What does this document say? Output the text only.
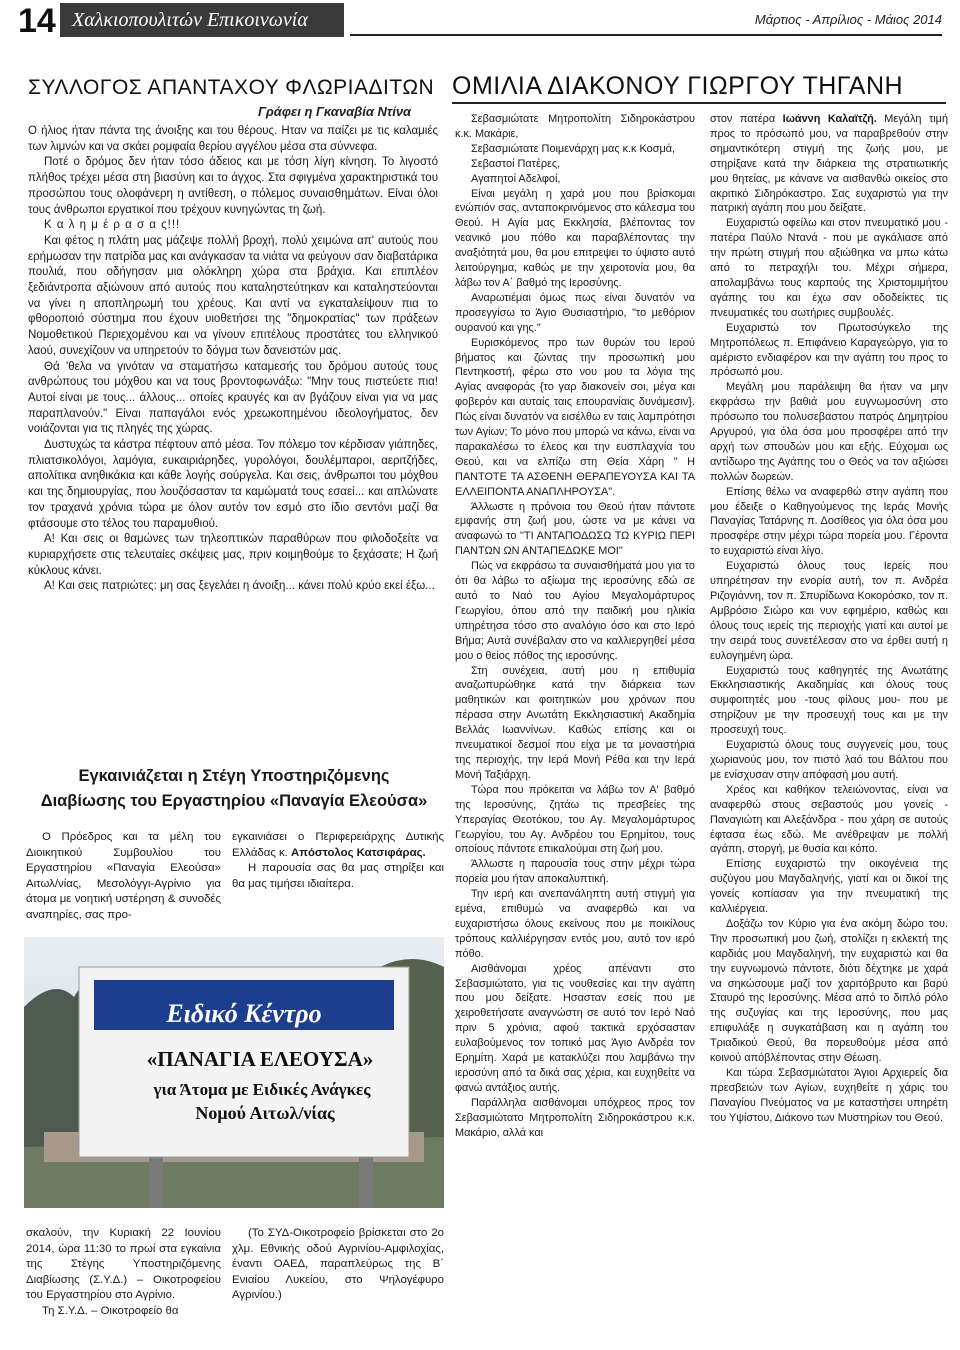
14 Χαλκιοπουλιτών Επικοινωνία	Μάρτιος - Απρίλιος - Μάιος 2014
ΣΥΛΛΟΓΟΣ ΑΠΑΝΤΑΧΟΥ ΦΛΩΡΙΑΔΙΤΩΝ
Γράφει η Γκαναβία Ντίνα

Ο ήλιος ήταν πάντα της άνοιξης και του θέρους. Ηταν να παίζει με τις καλαμιές των λιμνών και να σκάει ρομφαία θερίου αγγέλου μέσα στα σύννεφα.

Ποτέ ο δρόμος δεν ήταν τόσο άδειος και με τόση λίγη κίνηση. Το λιγοστό πλήθος τρέχει μέσα στη βιασύνη και το άγχος. Στα σφιγμένα χαρακτηριστικά του προσώπου τους ολοφάνερη η αντίθεση, ο πόλεμος συναισθημάτων. Είναι όλοι τους άνθρωποι εργατικοί που τρέχουν κυνηγώντας τη ζωή.

Κ α λ η μ έ ρ α σ α ς!!!

Και φέτος η πλάτη μας μάζεψε πολλή βροχή, πολύ χειμώνα απ' αυτούς που ερήμωσαν την πατρίδα μας και ανάγκασαν τα νιάτα να φεύγουν σαν διαβατάρικα πουλιά, που οδήγησαν μια ολόκληρη χώρα στα βράχια. Και επιπλέον ξεδιάντροπα αξιώνουν από αυτούς που καταληστεύτηκαν και καταληστεύονται να γίνει η αποπληρωμή του χρέους. Και αντί να εγκαταλείψουν πια το φθοροποιό σύστημα που έχουν υιοθετήσει της "δημοκρατίας" των πράξεων Νομοθετικού Περιεχομένου και να γίνουν επιτέλους προστάτες του ελληνικού λαού, συνεχίζουν να υπηρετούν το δόγμα των δανειστών μας.

Θά 'θελα να γινόταν να σταματήσω καταμεσής του δρόμου αυτούς τους ανθρώπους του μόχθου και να τους βροντοφωνάξω: "Μην τους πιστεύετε πια! Αυτοί είναι με τους... άλλους... οποίες κραυγές και αν βγάζουν είναι για να μας παραπλανούν." Είναι παπαγάλοι ενός χρεωκοπημένου ιδεολογήματος, δεν νοιάζονται για τις πληγές της χώρας.

Δυστυχώς τα κάστρα πέφτουν από μέσα. Τον πόλεμο τον κέρδισαν γιάπηδες, πλιατσικολόγοι, λαμόγια, ευκαιριάρηδες, γυρολόγοι, δουλέμπαροι, αεριτζήδες, απολίτικα ανηθικάκια και κάθε λογής σούργελα. Και σεις, άνθρωποι του μόχθου και της δημιουργίας, που λουζόσασταν τα καμώματά τους εσαεί... και απλώνατε τον τραχανά χρόνια τώρα με όλον αυτόν τον εσμό στο ίδιο σεντόνι μαζί θα φτάσουμε στο τέλος του παραμυθιού.

Α! Και σεις οι θαμώνες των τηλεοπτικών παραθύρων που φιλοδοξείτε να κυριαρχήσετε στις τελευταίες σκέψεις μας, πριν κοιμηθούμε το ξεχάσατε; Η ζωή κύκλους κάνει.

Α! Και σεις πατριώτες: μη σας ξεγελάει η άνοιξη... κάνει πολύ κρύο εκεί έξω...

Εγκαινιάζεται η Στέγη Υποστηριζόμενης
Διαβίωσης του Εργαστηρίου «Παναγία Ελεούσα»

Ο Πρόεδρος και τα μέλη του Διοικητικού Συμβουλίου του Εργαστηρίου «Παναγία Ελεούσα» Αιτωλ/νίας, Μεσολόγγι-Αγρίνιο για άτομα με νοητική υστέρηση & συνοδές αναπηρίες, σας προ-

εγκαινιάσει ο Περιφερειάρχης Δυτικής Ελλάδας κ. Απόστολος Κατσιφάρας.

Η παρουσία σας θα μας στηρίξει και θα μας τιμήσει ιδιαίτερα.

Ειδικό Κέντρο
«ΠΑΝΑΓΙΑ ΕΛΕΟΥΣΑ»
για Άτομα με Ειδικές Ανάγκες
Νομού Αιτωλ/νίας

σκαλούν, την Κυριακή 22 Ιουνίου 2014, ώρα 11:30 το πρωί στα εγκαίνια της Στέγης Υποστηριζόμενης Διαβίωσης (Σ.Υ.Δ.) – Οικοτροφείου του Εργαστηρίου στο Αγρίνιο.

Τη Σ.Υ.Δ. – Οικοτροφείο θα

(Το ΣΥΔ-Οικοτροφείο βρίσκεται στο 2ο χλμ. Εθνικής οδού Αγρινίου-Αμφιλοχίας, έναντι ΟΑΕΔ, παραπλεύρως της Β΄ Ενιαίου Λυκείου, στο Ψηλογέφυρο Αγρινίου.)

ΟΜΙΛΙΑ ΔΙΑΚΟΝΟΥ ΓΙΩΡΓΟΥ ΤΗΓΑΝΗ

Σεβασμιώτατε Μητροπολίτη Σιδηροκάστρου κ.κ. Μακάριε,

Σεβασμιώτατε Ποιμενάρχη μας κ.κ Κοσμά,

Σεβαστοί Πατέρες,

Αγαπητοί Αδελφοί,

Είναι μεγάλη η χαρά μου που βρίσκομαι ενώπιόν σας, ανταποκρινόμενος στο κάλεσμα του Θεού. Η Αγία μας Εκκλησία, βλέποντας τον νεανικό μου πόθο και παραβλέποντας την αναξιότητά μου, θα μου επιτρεψει το ύψιστο αυτό λειτούργημα, καθώς με την χειροτονία μου, θα λάβω τον Α΄ βαθμό της Ιεροσύνης.

Αναρωτιέμαι όμως πως είναι δυνατόν να προσεγγίσω το Άγιο Θυσιαστήριο, "το μεθόριον ουρανού και γης."

Ευρισκόμενος προ των θυρών του Ιερού βήματος και ζώντας την προσωπική μου Πεντηκοστή, φέρω στο νου μου τα λόγια της Αγίας αναφοράς {το γαρ διακονείν σοι, μέγα και φοβερόν και αυταίς ταις επουρανίαις δυνάμεσιν}. Πώς είναι δυνατόν να εισέλθω εν ταις λαμπρότησι των Αγίων; Το μόνο που μπορώ να κάνω, είναι να παρακαλέσω το έλεος και την ευσπλαχνία του Θεού, και να ελπίζω στη Θεία Χάρη " Η ΠΑΝΤΟΤΕ ΤΑ ΑΣΘΕΝΗ ΘΕΡΑΠΕΥΟΥΣΑ ΚΑΙ ΤΑ ΕΛΛΕΙΠΟΝΤΑ ΑΝΑΠΛΗΡΟΥΣΑ".

Άλλωστε η πρόνοια του Θεού ήταν πάντοτε εμφανής στη ζωή μου, ώστε να με κάνει να αναφωνώ το "ΤΙ ΑΝΤΑΠΟΔΩΣΩ ΤΩ ΚΥΡΙΩ ΠΕΡΙ ΠΑΝΤΩΝ ΩΝ ΑΝΤΑΠΕΔΩΚΕ ΜΟΙ"

Πώς να εκφράσω τα συναισθήματά μου για το ότι θα λάβω το αξίωμα της ιεροσύνης εδώ σε αυτό το Ναό του Αγίου Μεγαλομάρτυρος Γεωργίου, όπου από την παιδική μου ηλικία υπηρέτησα τόσο στο αναλόγιο όσο και στο Ιερό Βήμα; Αυτά συνέβαλαν στο να καλλιεργηθεί μέσα μου ο θείος πόθος της ιεροσύνης.

Στη συνέχεια, αυτή μου η επιθυμία αναζωπυρώθηκε κατά την διάρκεια των μαθητικών και φοιτητικών μου χρόνων που πέρασα στην Ανωτάτη Εκκλησιαστική Ακαδημία Βελλάς Ιωαννίνων. Καθώς επίσης και οι πνευματικοί δεσμοί που είχα με τα μοναστήρια της περιοχής, την Ιερά Μονή Ρέθα και την Ιερά Μονή Ταξιάρχη.

Τώρα που πρόκειται να λάβω τον Α' βαθμό της Ιεροσύνης, ζητάω τις πρεσβείες της Υπεραγίας Θεοτόκου, του Αγ. Μεγαλομάρτυρος Γεωργίου, του Αγ. Ανδρέου του Ερημίτου, τους οποίους πάντοτε επικαλούμαι στη ζωή μου.

Άλλωστε η παρουσία τους στην μέχρι τώρα πορεία μου ήταν αποκαλυπτική.

Την ιερή και ανεπανάληπτη αυτή στιγμή για εμένα, επιθυμώ να αναφερθώ και να ευχαριστήσω όλους εκείνους που με ποικίλους τρόπους καλλιέργησαν εντός μου, αυτό τον ιερό πόθο.

Αισθάνομαι χρέος απέναντι στο Σεβασμιώτατο, για τις νουθεσίες και την αγάπη που μου δείξατε. Ησασταν εσείς που με χειροθετήσατε αναγνώστη σε αυτό τον Ιερό Ναό πριν 5 χρόνια, αφού τακτικά ερχόσασταν ευλαβούμενος τον τοπικό μας Άγιο Ανδρέα τον Ερημίτη. Χαρά με κατακλύζει που λαμβάνω την ιεροσύνη από τα δικά σας χέρια, και ευχηθείτε να φανώ αντάξιος αυτής.

Παράλληλα αισθάνομαι υπόχρεος προς τον Σεβασμιώτατο Μητροπολίτη Σιδηροκάστρου κ.κ. Μακάριο, αλλά και

στον πατέρα Ιωάννη Καλαϊτζή. Μεγάλη τιμή προς το πρόσωπό μου, να παραβρεθούν στην σημαντικότερη στιγμή της ζωής μου, με στηρίξανε κατά την διάρκεια της στρατιωτικής μου θητείας, με κάνανε να αισθανθώ οικείος στο ακριτικό Σιδηρόκαστρο. Σας ευχαριστώ για την πατρική αγάπη που μου δείξατε.

Ευχαριστώ οφείλω και στον πνευματικό μου - πατέρα Παύλο Ντανά - που με αγκάλιασε από την πρώτη στιγμή που αξιώθηκα να μπω κάτω από το πετραχήλι του. Μέχρι σήμερα, απολαμβάνω τους καρπούς της Χριστομιμήτου αγάπης του και έχω σαν οδοδείκτες τις πνευματικές του σωτήριες συμβουλές.

Ευχαριστώ τον Πρωτοσύγκελο της Μητροπόλεως π. Επιφάνειο Καραγεώργο, για το αμέριστο ενδιαφέρον και την αγάπη του προς το πρόσωπό μου.

Μεγάλη μου παράλειψη θα ήταν να μην εκφράσω την βαθιά μου ευγνωμοσύνη στο πρόσωπο του πολυσεβαστου πατρός Δημητρίου Αργυρού, για όλα όσα μου προσφέρει από την αρχή των σπουδών μου και εξής. Εύχομαι ως αντίδωρο της Αγάπης του ο Θεός να τον αξιώσει πολλών δωρεών.

Επίσης θέλω να αναφερθώ στην αγάπη που μου έδειξε ο Καθηγούμενος της Ιεράς Μονής Παναγίας Τατάρνης π. Δοσίθεος για όλα όσα μου προσφέρε στην μέχρι τώρα πορεία μου. Γέροντα το ευχαριστώ είναι λίγο.

Ευχαριστώ όλους τους Ιερείς που υπηρέτησαν την ενορία αυτή, τον π. Ανδρέα Ριζογιάννη, τον π. Σπυρίδωνα Κοκορόσκο, τον π. Αμβρόσιο Σιώρο και νυν εφημέριο, καθώς και όλους τους ιερείς της περιοχής γιατί και αυτοί με την σειρά τους συνετέλεσαν στο να έρθει αυτή η ευλογημένη ώρα.

Ευχαριστώ τους καθηγητές της Ανωτάτης Εκκλησιαστικής Ακαδημίας και όλους τους συμφοιτητές μου -τους φίλους μου- που με στηρίζουν με την προσευχή τους και με την προσευχή τους.

Ευχαριστώ όλους τους συγγενείς μου, τους χωριανούς μου, τον πιστό λαό του Βάλτου που με ενίσχυσαν στην απόφασή μου αυτή.

Χρέος και καθήκον τελειώνοντας, είναι να αναφερθώ στους σεβαστούς μου γονείς - Παναγιώτη και Αλεξάνδρα - που χάρη σε αυτούς έφτασα έως εδώ. Με ανέθρεψαν με πολλή αγάπη, στοργή, με θυσία και κόπο.

Επίσης ευχαριστώ την οικογένεια της συζύγου μου Μαγδαληνής, γιατί και οι δικοί της γονείς κοπίασαν για την πνευματική της καλλιέργεια.

Δοξάζω τον Κύριο για ένα ακόμη δώρο του. Την προσωπική μου ζωή, στολίζει η εκλεκτή της καρδιάς μου Μαγδαληνή, την ευχαριστώ και θα την ευγνωμονώ πάντοτε, διότι δέχτηκε με χαρά να σηκώσουμε μαζί τον χαριτόβρυτο και βαρύ Σταυρό της Ιεροσύνης. Μέσα από το διπλό ρόλο της συζυγίας και της Ιεροσύνης, που μας επιφυλάξε η συγκατάβαση και η αγάπη του Τριαδικού Θεού, θα πορευθούμε μέσα από κοινού απόβλέποντας στην Θέωση.

Και τώρα Σεβασμιώτατοι Άγιοι Αρχιερείς δια πρεσβειών των Αγίων, ευχηθείτε η χάρις του Παναγίου Πνεύματος να με καταστήσει υπηρέτη του Υψίστου, Διάκονο των Μυστηρίων του Θεού.
